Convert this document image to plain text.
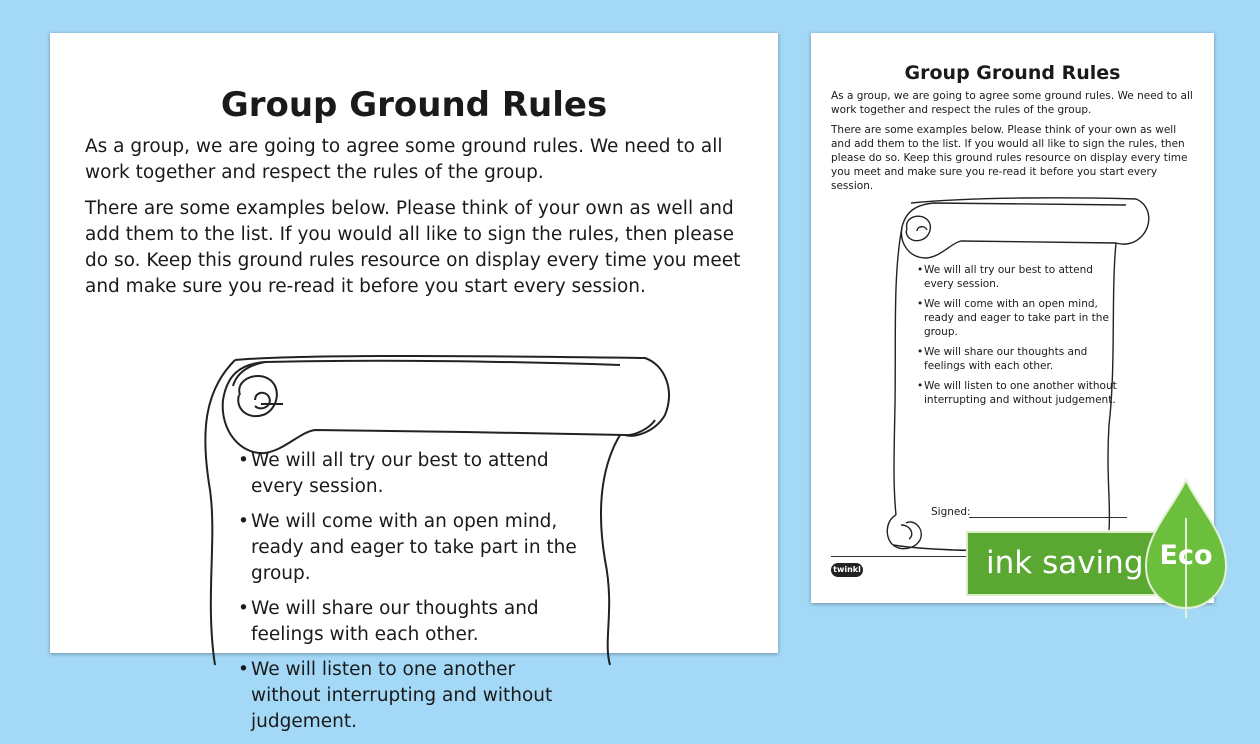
Group Ground Rules

As a group, we are going to agree some ground rules. We need to all work together and respect the rules of the group.

There are some examples below. Please think of your own as well and add them to the list. If you would all like to sign the rules, then please do so. Keep this ground rules resource on display every time you meet and make sure you re-read it before you start every session.

• We will all try our best to attend every session.
• We will come with an open mind, ready and eager to take part in the group.
• We will share our thoughts and feelings with each other.
• We will listen to one another without interrupting and without judgement.
Group Ground Rules

As a group, we are going to agree some ground rules. We need to all work together and respect the rules of the group.

There are some examples below. Please think of your own as well and add them to the list. If you would all like to sign the rules, then please do so. Keep this ground rules resource on display every time you meet and make sure you re-read it before you start every session.

• We will all try our best to attend every session.
• We will come with an open mind, ready and eager to take part in the group.
• We will share our thoughts and feelings with each other.
• We will listen to one another without interrupting and without judgement.
Signed:
twinkl	ink saving Eco
